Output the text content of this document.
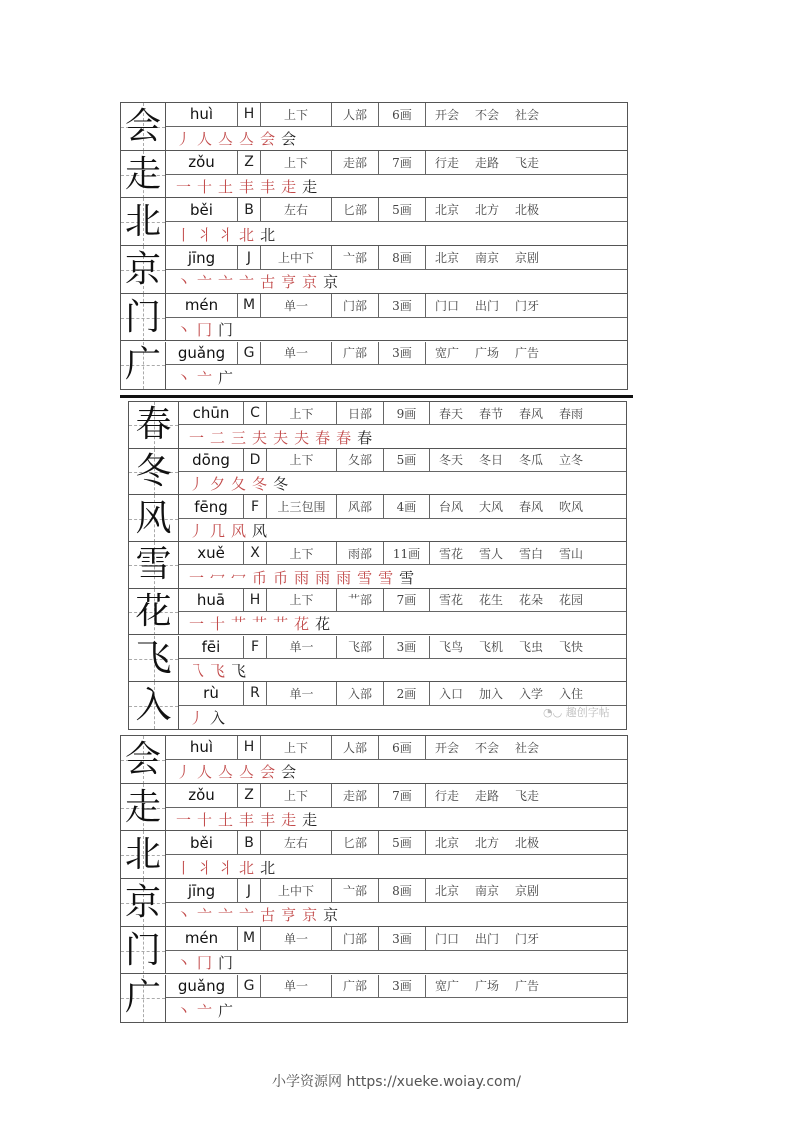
会	huì	H	上下	人部	6画	开会 不会 社会
丿 人 亼 亼 会 会
走	zǒu	Z	上下	走部	7画	行走 走路 飞走
一 十 土 丰 丰 走 走
北	běi	B	左右	匕部	5画	北京 北方 北极
丨 丬 丬 北 北
京	jīng	J	上中下	亠部	8画	北京 南京 京剧
丶 亠 亠 亠 古 亨 京 京
门	mén	M	单一	门部	3画	门口 出门 门牙
丶 冂 门
广	guǎng	G	单一	广部	3画	宽广 广场 广告
丶 亠 广
春	chūn	C	上下	日部	9画	春天 春节 春风 春雨
一 二 三 夫 夫 夫 春 春 春
冬	dōng	D	上下	夂部	5画	冬天 冬日 冬瓜 立冬
丿 夕 夂 冬 冬
风	fēng	F	上三包围	风部	4画	台风 大风 春风 吹风
丿 几 风 风
雪	xuě	X	上下	雨部	11画	雪花 雪人 雪白 雪山
一 冖 冖 币 币 雨 雨 雨 雪 雪 雪
花	huā	H	上下	艹部	7画	雪花 花生 花朵 花园
一 十 艹 艹 艹 花 花
飞	fēi	F	单一	飞部	3画	飞鸟 飞机 飞虫 飞快
乁 飞 飞
入	rù	R	单一	入部	2画	入口 加入 入学 入住
丿 入
会	huì	H	上下	人部	6画	开会 不会 社会
丿 人 亼 亼 会 会
走	zǒu	Z	上下	走部	7画	行走 走路 飞走
一 十 土 丰 丰 走 走
北	běi	B	左右	匕部	5画	北京 北方 北极
丨 丬 丬 北 北
京	jīng	J	上中下	亠部	8画	北京 南京 京剧
丶 亠 亠 亠 古 亨 京 京
门	mén	M	单一	门部	3画	门口 出门 门牙
丶 冂 门
广	guǎng	G	单一	广部	3画	宽广 广场 广告
丶 亠 广
◔◡ 趣创字帖
小学资源网 https://xueke.woiay.com/
